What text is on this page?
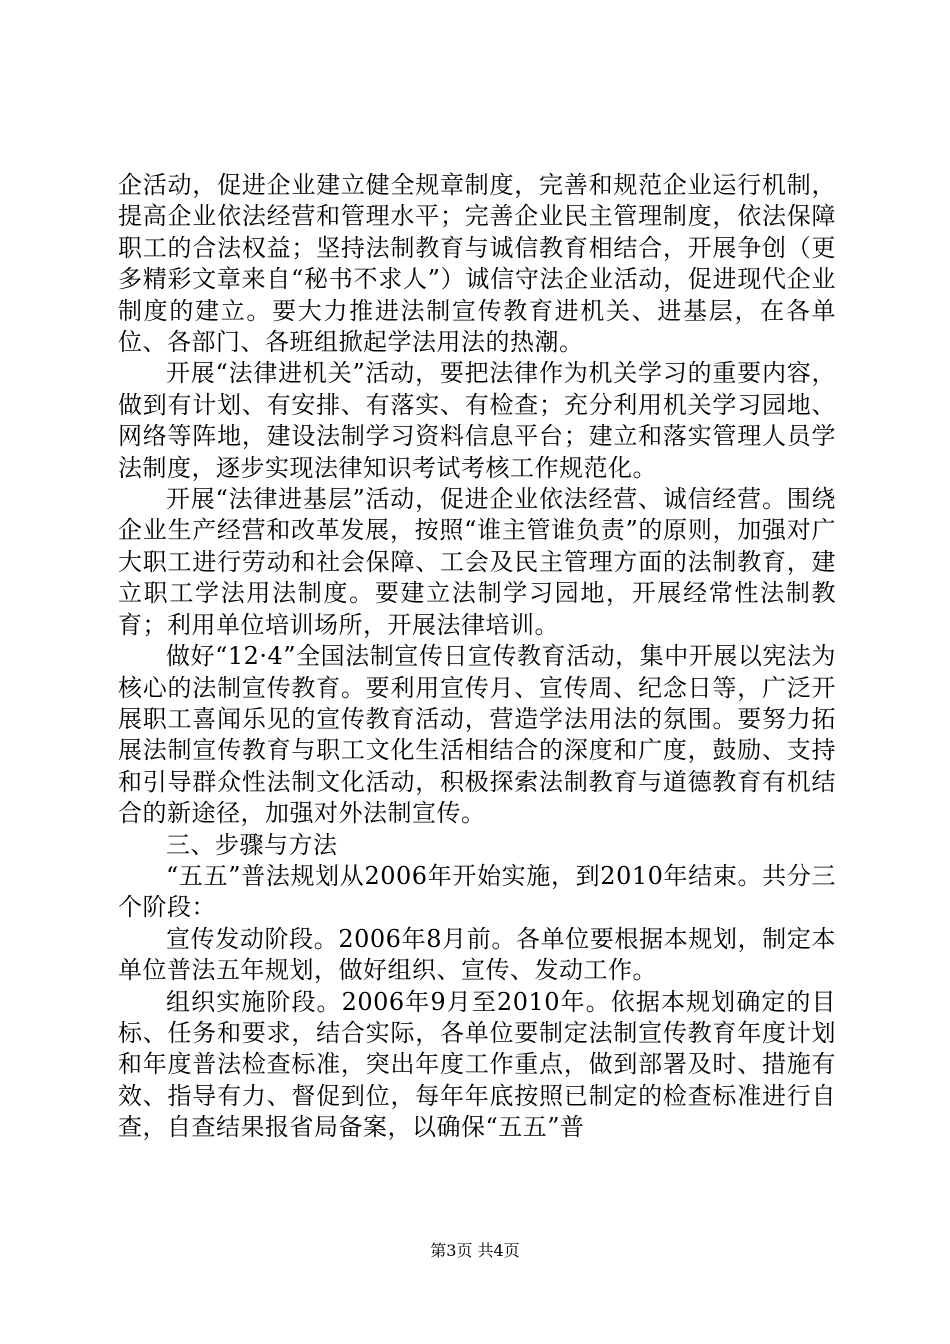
企活动，促进企业建立健全规章制度，完善和规范企业运行机制，提高企业依法经营和管理水平；完善企业民主管理制度，依法保障职工的合法权益；坚持法制教育与诚信教育相结合，开展争创（更多精彩文章来自“秘书不求人”）诚信守法企业活动，促进现代企业制度的建立。要大力推进法制宣传教育进机关、进基层，在各单位、各部门、各班组掀起学法用法的热潮。

开展“法律进机关”活动，要把法律作为机关学习的重要内容，做到有计划、有安排、有落实、有检查；充分利用机关学习园地、网络等阵地，建设法制学习资料信息平台；建立和落实管理人员学法制度，逐步实现法律知识考试考核工作规范化。

开展“法律进基层”活动，促进企业依法经营、诚信经营。围绕企业生产经营和改革发展，按照“谁主管谁负责”的原则，加强对广大职工进行劳动和社会保障、工会及民主管理方面的法制教育，建立职工学法用法制度。要建立法制学习园地，开展经常性法制教育；利用单位培训场所，开展法律培训。

做好“12·4”全国法制宣传日宣传教育活动，集中开展以宪法为核心的法制宣传教育。要利用宣传月、宣传周、纪念日等，广泛开展职工喜闻乐见的宣传教育活动，营造学法用法的氛围。要努力拓展法制宣传教育与职工文化生活相结合的深度和广度，鼓励、支持和引导群众性法制文化活动，积极探索法制教育与道德教育有机结合的新途径，加强对外法制宣传。

三、步骤与方法

“五五”普法规划从2006年开始实施，到2010年结束。共分三个阶段：

宣传发动阶段。2006年8月前。各单位要根据本规划，制定本单位普法五年规划，做好组织、宣传、发动工作。

组织实施阶段。2006年9月至2010年。依据本规划确定的目标、任务和要求，结合实际，各单位要制定法制宣传教育年度计划和年度普法检查标准，突出年度工作重点，做到部署及时、措施有效、指导有力、督促到位，每年年底按照已制定的检查标准进行自查，自查结果报省局备案，以确保“五五”普

第3页 共4页
